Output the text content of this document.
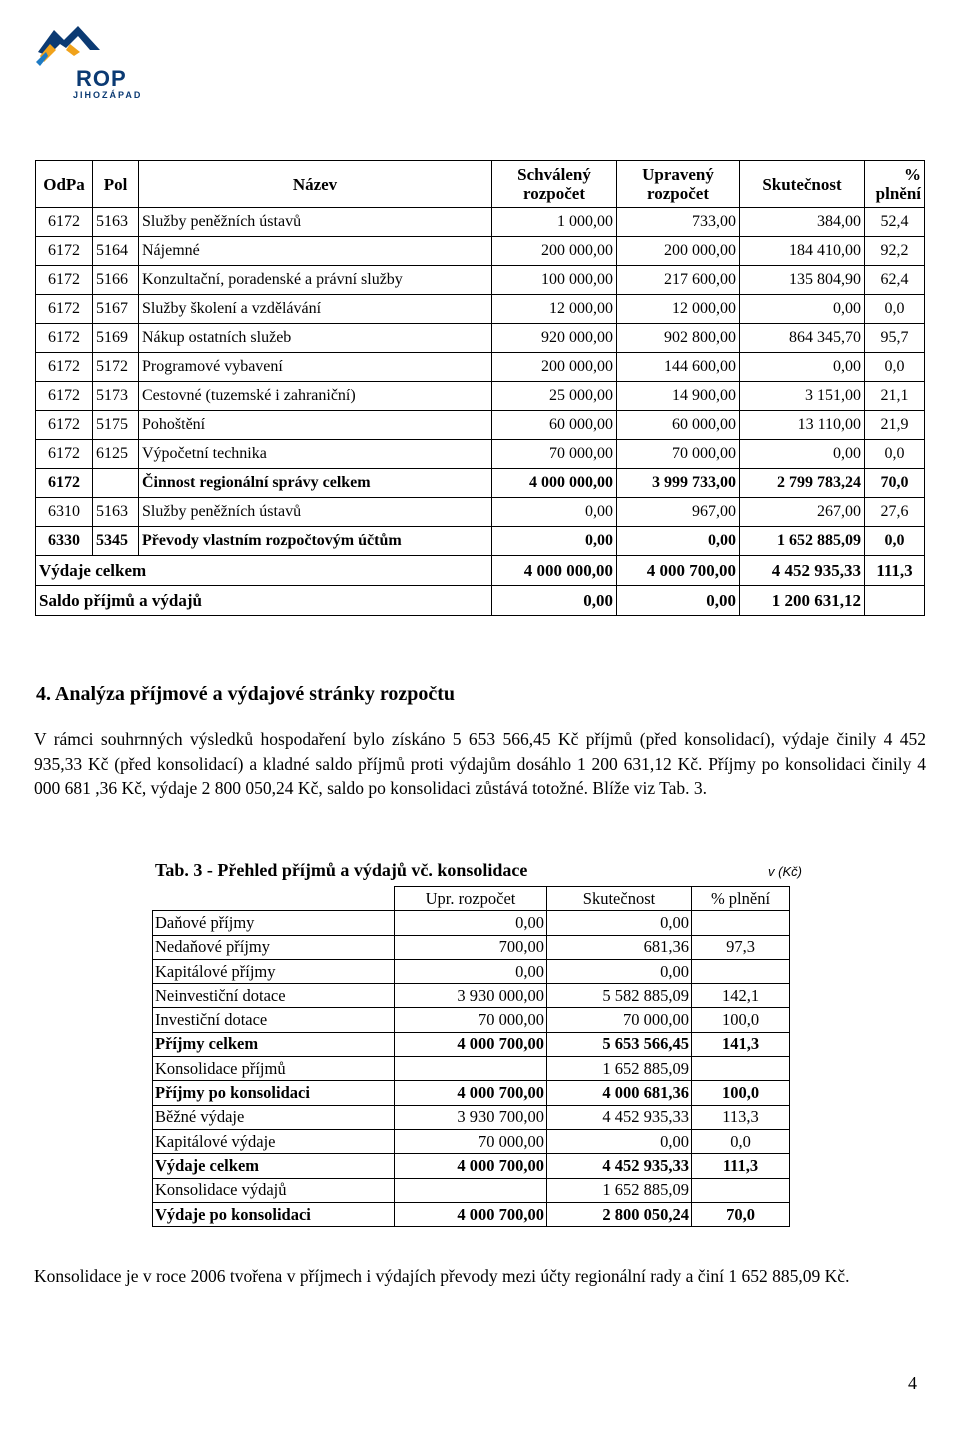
ROP
JIHOZÁPAD
OdPa	Pol	Název	Schválený rozpočet	Upravený rozpočet	Skutečnost	% plnění
6172	5163	Služby peněžních ústavů	1 000,00	733,00	384,00	52,4
6172	5164	Nájemné	200 000,00	200 000,00	184 410,00	92,2
6172	5166	Konzultační, poradenské a právní služby	100 000,00	217 600,00	135 804,90	62,4
6172	5167	Služby školení a vzdělávání	12 000,00	12 000,00	0,00	0,0
6172	5169	Nákup ostatních služeb	920 000,00	902 800,00	864 345,70	95,7
6172	5172	Programové vybavení	200 000,00	144 600,00	0,00	0,0
6172	5173	Cestovné (tuzemské i zahraniční)	25 000,00	14 900,00	3 151,00	21,1
6172	5175	Pohoštění	60 000,00	60 000,00	13 110,00	21,9
6172	6125	Výpočetní technika	70 000,00	70 000,00	0,00	0,0
6172		Činnost regionální správy celkem	4 000 000,00	3 999 733,00	2 799 783,24	70,0
6310	5163	Služby peněžních ústavů	0,00	967,00	267,00	27,6
6330	5345	Převody vlastním rozpočtovým účtům	0,00	0,00	1 652 885,09	0,0
Výdaje celkem			4 000 000,00	4 000 700,00	4 452 935,33	111,3
Saldo příjmů a výdajů			0,00	0,00	1 200 631,12	
4. Analýza příjmové a výdajové stránky rozpočtu
V rámci souhrnných výsledků hospodaření bylo získáno 5 653 566,45 Kč příjmů (před konsolidací), výdaje činily 4 452 935,33 Kč (před konsolidací) a kladné saldo příjmů proti výdajům dosáhlo 1 200 631,12 Kč. Příjmy po konsolidaci činily 4 000 681 ,36 Kč, výdaje 2 800 050,24 Kč, saldo po konsolidaci zůstává totožné. Blíže viz Tab. 3.
Tab. 3 - Přehled příjmů a výdajů vč. konsolidace	v (Kč)
	Upr. rozpočet	Skutečnost	% plnění
Daňové příjmy	0,00	0,00	
Nedaňové příjmy	700,00	681,36	97,3
Kapitálové příjmy	0,00	0,00	
Neinvestiční dotace	3 930 000,00	5 582 885,09	142,1
Investiční dotace	70 000,00	70 000,00	100,0
Příjmy celkem	4 000 700,00	5 653 566,45	141,3
Konsolidace příjmů		1 652 885,09	
Příjmy po konsolidaci	4 000 700,00	4 000 681,36	100,0
Běžné výdaje	3 930 700,00	4 452 935,33	113,3
Kapitálové výdaje	70 000,00	0,00	0,0
Výdaje celkem	4 000 700,00	4 452 935,33	111,3
Konsolidace výdajů		1 652 885,09	
Výdaje po konsolidaci	4 000 700,00	2 800 050,24	70,0
Konsolidace je v roce 2006 tvořena v příjmech i výdajích převody mezi účty regionální rady a činí 1 652 885,09 Kč.
4
